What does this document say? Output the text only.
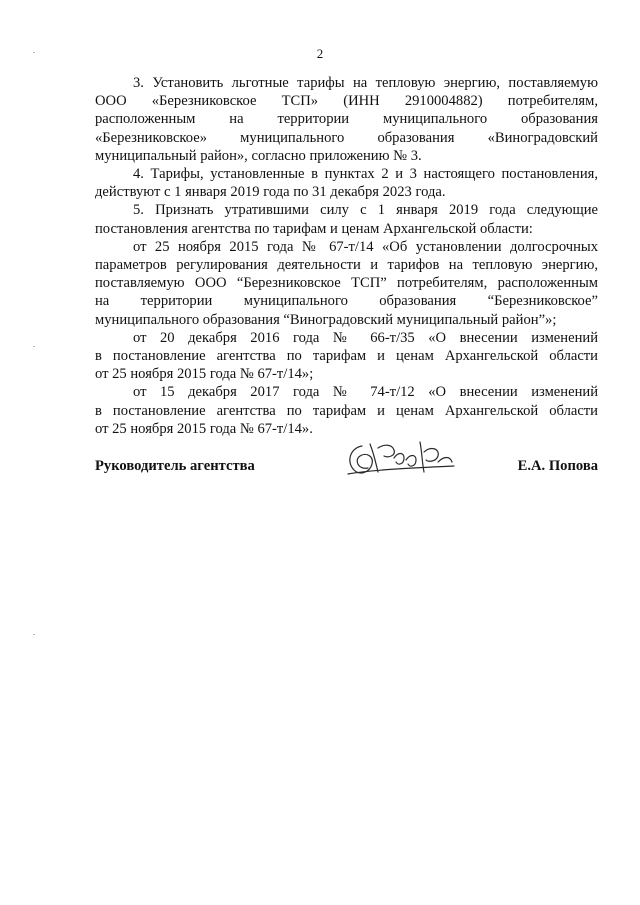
2
3. Установить льготные тарифы на тепловую энергию, поставляемую
ООО «Березниковское ТСП» (ИНН 2910004882) потребителям,
расположенным на территории муниципального образования
«Березниковское» муниципального образования «Виноградовский
муниципальный район», согласно приложению № 3.
4. Тарифы, установленные в пунктах 2 и 3 настоящего постановления,
действуют с 1 января 2019 года по 31 декабря 2023 года.
5. Признать утратившими силу с 1 января 2019 года следующие
постановления агентства по тарифам и ценам Архангельской области:
от 25 ноября 2015 года № 67-т/14 «Об установлении долгосрочных
параметров регулирования деятельности и тарифов на тепловую энергию,
поставляемую ООО “Березниковское ТСП” потребителям, расположенным
на территории муниципального образования “Березниковское”
муниципального образования “Виноградовский муниципальный район”»;
от 20 декабря 2016 года № 66-т/35 «О внесении изменений
в постановление агентства по тарифам и ценам Архангельской области
от 25 ноября 2015 года № 67-т/14»;
от 15 декабря 2017 года № 74-т/12 «О внесении изменений
в постановление агентства по тарифам и ценам Архангельской области
от 25 ноября 2015 года № 67-т/14».
Руководитель агентства	Е.А. Попова
